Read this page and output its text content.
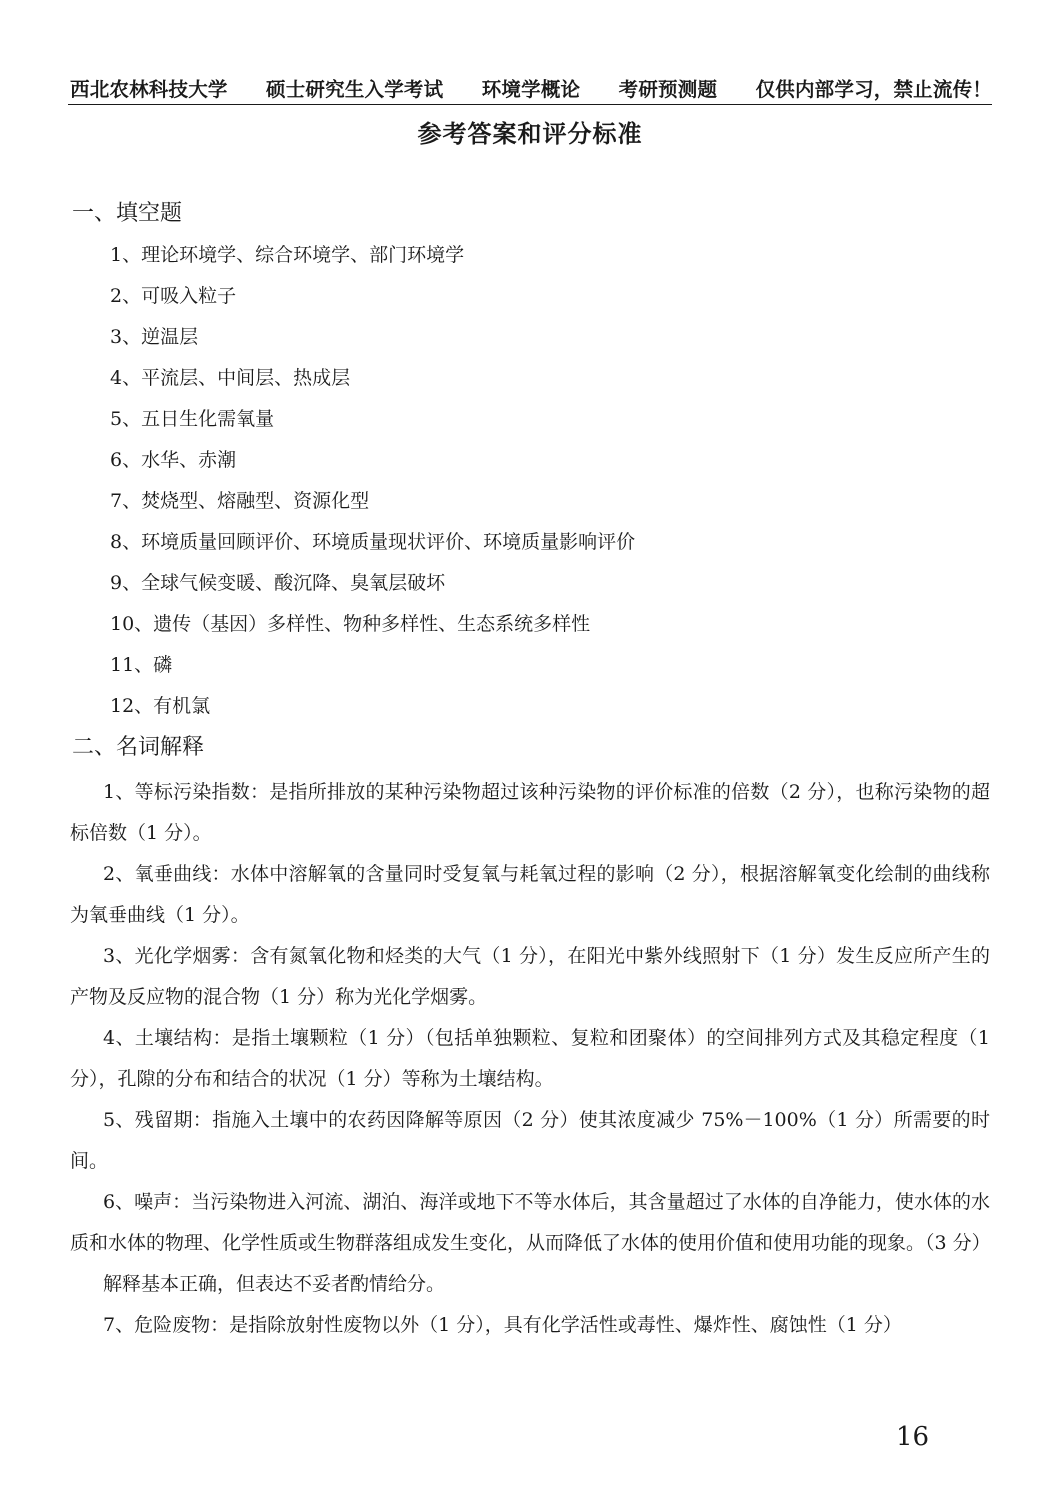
西北农林科技大学 硕士研究生入学考试 环境学概论 考研预测题 仅供内部学习，禁止流传！
参考答案和评分标准
一、填空题
1、理论环境学、综合环境学、部门环境学
2、可吸入粒子
3、逆温层
4、平流层、中间层、热成层
5、五日生化需氧量
6、水华、赤潮
7、焚烧型、熔融型、资源化型
8、环境质量回顾评价、环境质量现状评价、环境质量影响评价
9、全球气候变暖、酸沉降、臭氧层破坏
10、遗传（基因）多样性、物种多样性、生态系统多样性
11、磷
12、有机氯
二、名词解释

1、等标污染指数：是指所排放的某种污染物超过该种污染物的评价标准的倍数（2 分），也称污染物的超标倍数（1 分）。

2、氧垂曲线：水体中溶解氧的含量同时受复氧与耗氧过程的影响（2 分），根据溶解氧变化绘制的曲线称为氧垂曲线（1 分）。

3、光化学烟雾：含有氮氧化物和烃类的大气（1 分），在阳光中紫外线照射下（1 分）发生反应所产生的产物及反应物的混合物（1 分）称为光化学烟雾。

4、土壤结构：是指土壤颗粒（1 分）（包括单独颗粒、复粒和团聚体）的空间排列方式及其稳定程度（1 分），孔隙的分布和结合的状况（1 分）等称为土壤结构。

5、残留期：指施入土壤中的农药因降解等原因（2 分）使其浓度减少 75%－100%（1 分）所需要的时间。

6、噪声：当污染物进入河流、湖泊、海洋或地下不等水体后，其含量超过了水体的自净能力，使水体的水质和水体的物理、化学性质或生物群落组成发生变化，从而降低了水体的使用价值和使用功能的现象。（3 分）

解释基本正确，但表达不妥者酌情给分。

7、危险废物：是指除放射性废物以外（1 分），具有化学活性或毒性、爆炸性、腐蚀性（1 分）

16
